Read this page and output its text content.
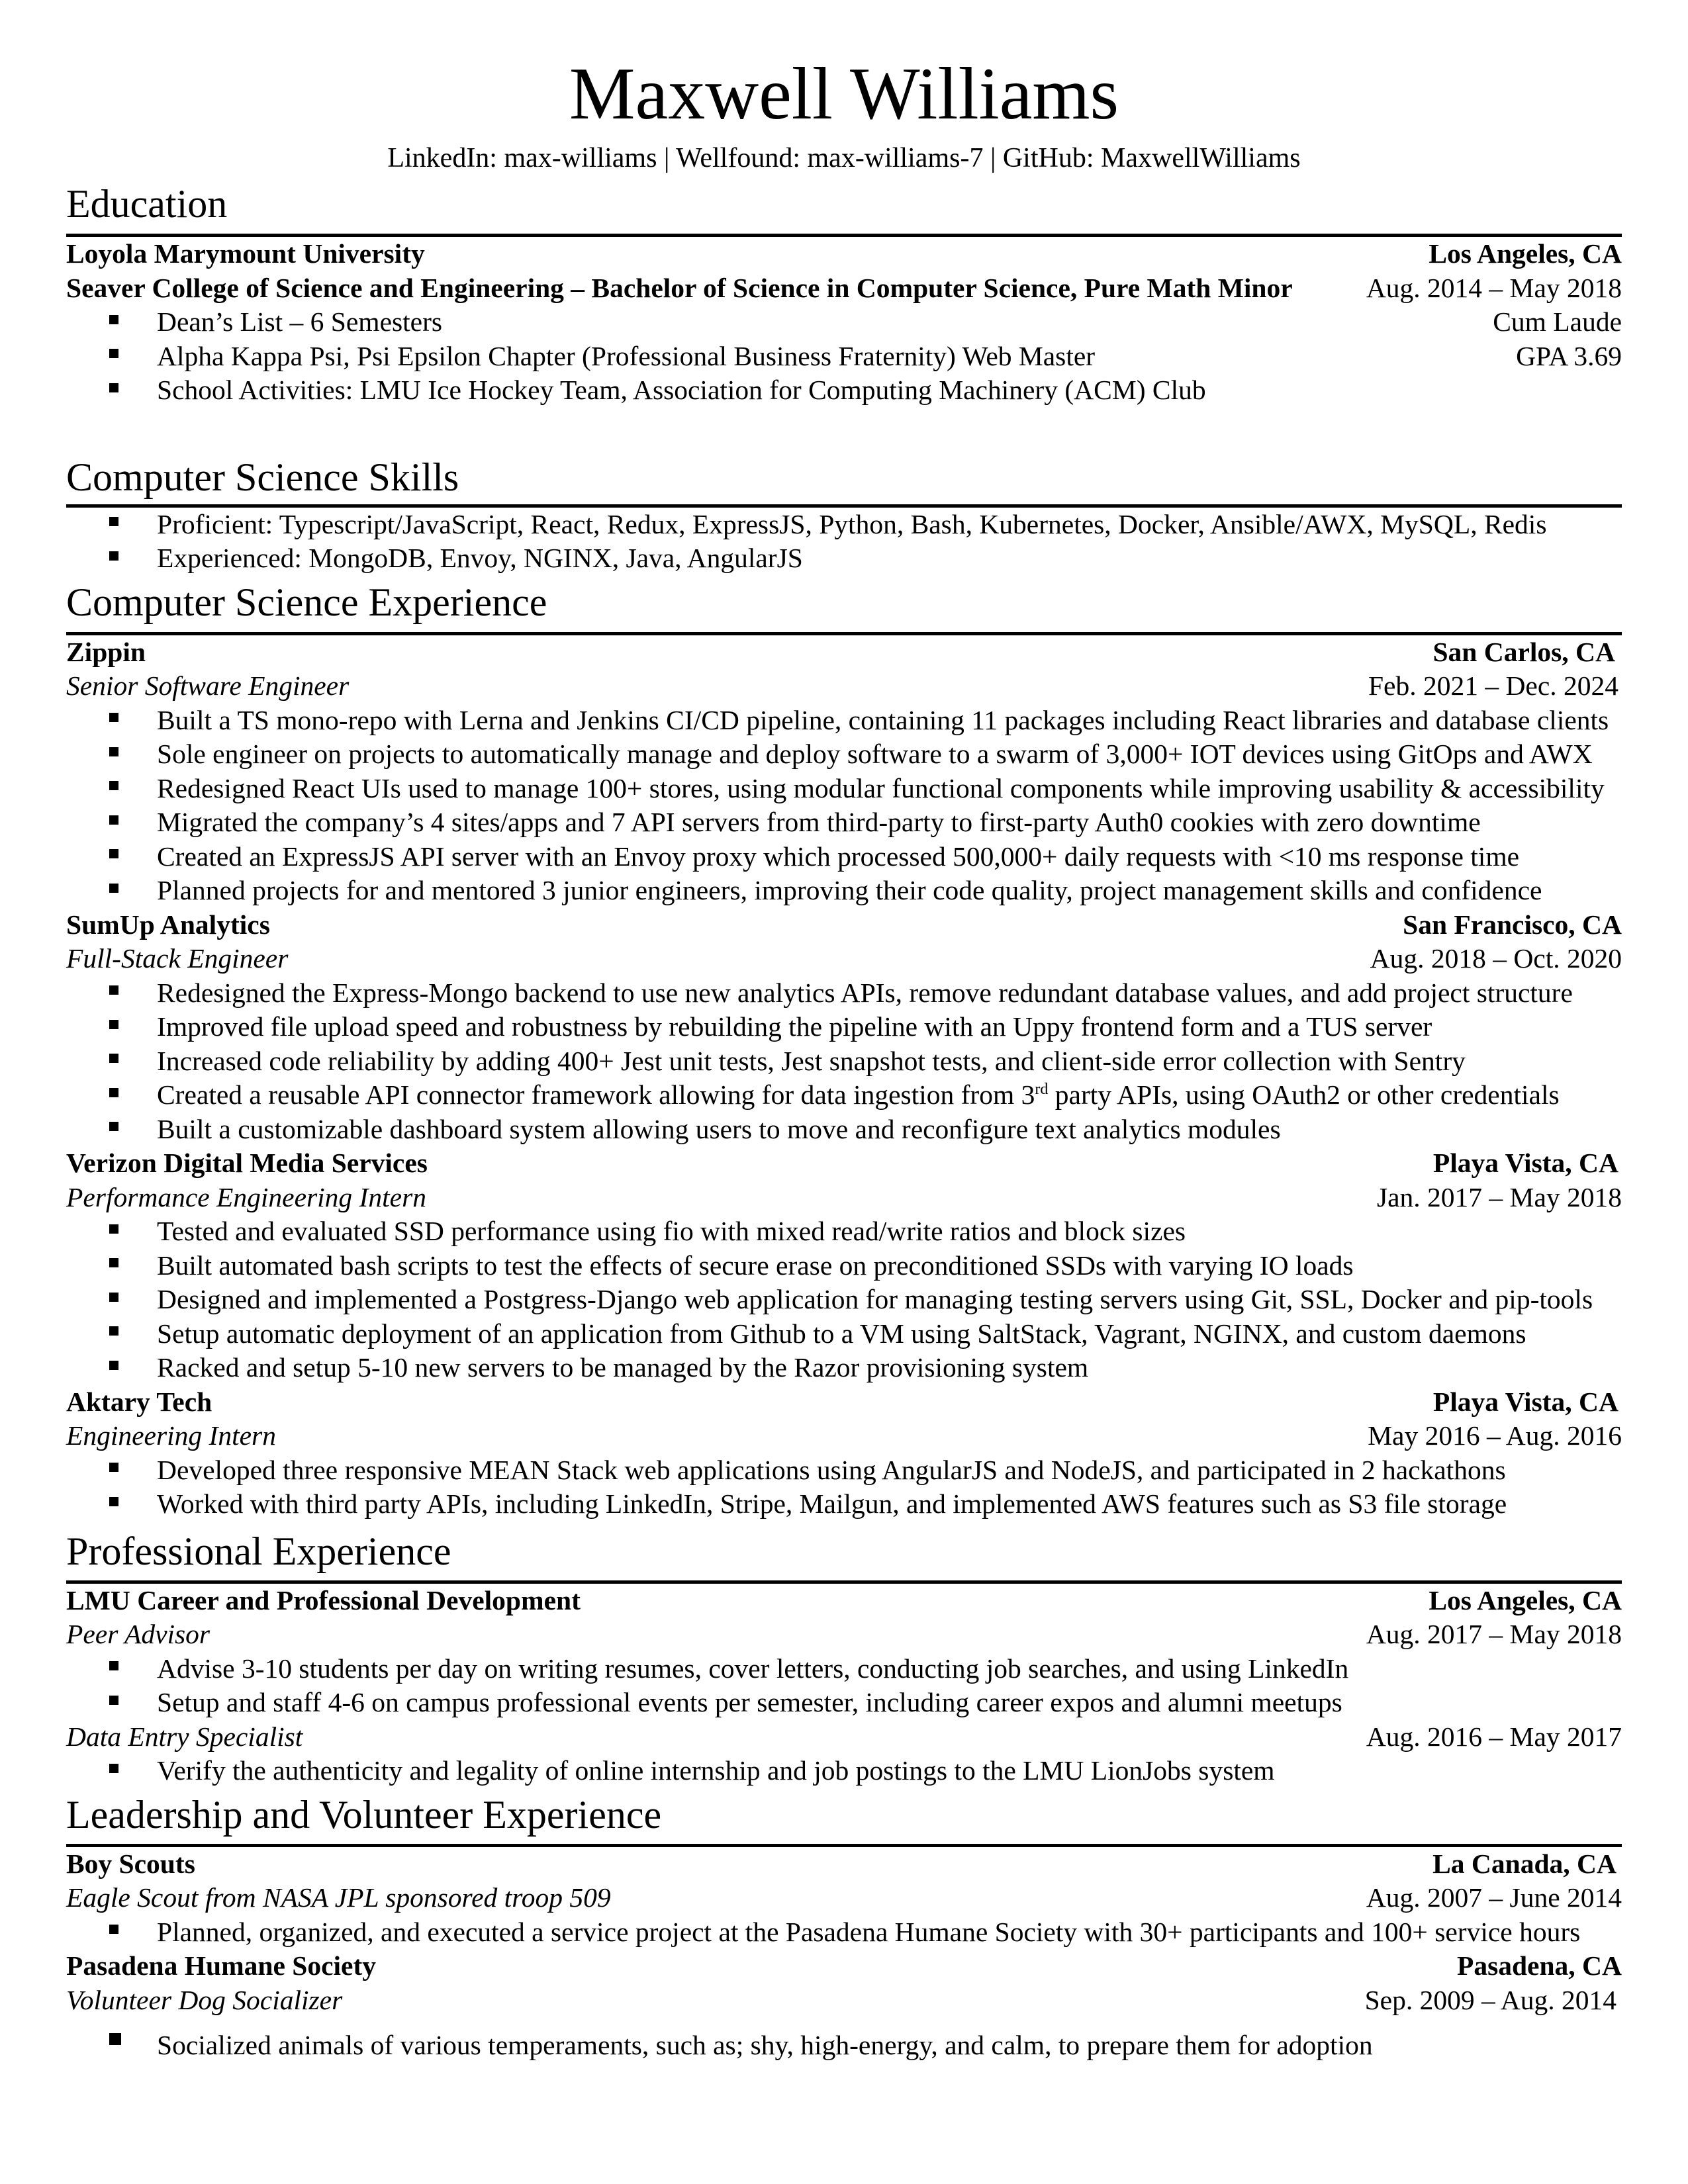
Maxwell Williams
LinkedIn: max-williams | Wellfound: max-williams-7 | GitHub: MaxwellWilliams
Education
Loyola Marymount University	Los Angeles, CA
Seaver College of Science and Engineering – Bachelor of Science in Computer Science, Pure Math Minor	Aug. 2014 – May 2018
Dean’s List – 6 Semesters	Cum Laude
Alpha Kappa Psi, Psi Epsilon Chapter (Professional Business Fraternity) Web Master	GPA 3.69
School Activities: LMU Ice Hockey Team, Association for Computing Machinery (ACM) Club
Computer Science Skills
Proficient: Typescript/JavaScript, React, Redux, ExpressJS, Python, Bash, Kubernetes, Docker, Ansible/AWX, MySQL, Redis
Experienced: MongoDB, Envoy, NGINX, Java, AngularJS
Computer Science Experience
Zippin	San Carlos, CA
Senior Software Engineer	Feb. 2021 – Dec. 2024
Built a TS mono-repo with Lerna and Jenkins CI/CD pipeline, containing 11 packages including React libraries and database clients
Sole engineer on projects to automatically manage and deploy software to a swarm of 3,000+ IOT devices using GitOps and AWX
Redesigned React UIs used to manage 100+ stores, using modular functional components while improving usability & accessibility
Migrated the company’s 4 sites/apps and 7 API servers from third-party to first-party Auth0 cookies with zero downtime
Created an ExpressJS API server with an Envoy proxy which processed 500,000+ daily requests with <10 ms response time
Planned projects for and mentored 3 junior engineers, improving their code quality, project management skills and confidence
SumUp Analytics	San Francisco, CA
Full-Stack Engineer	Aug. 2018 – Oct. 2020
Redesigned the Express-Mongo backend to use new analytics APIs, remove redundant database values, and add project structure
Improved file upload speed and robustness by rebuilding the pipeline with an Uppy frontend form and a TUS server
Increased code reliability by adding 400+ Jest unit tests, Jest snapshot tests, and client-side error collection with Sentry
Created a reusable API connector framework allowing for data ingestion from 3rd party APIs, using OAuth2 or other credentials
Built a customizable dashboard system allowing users to move and reconfigure text analytics modules
Verizon Digital Media Services	Playa Vista, CA
Performance Engineering Intern	Jan. 2017 – May 2018
Tested and evaluated SSD performance using fio with mixed read/write ratios and block sizes
Built automated bash scripts to test the effects of secure erase on preconditioned SSDs with varying IO loads
Designed and implemented a Postgress-Django web application for managing testing servers using Git, SSL, Docker and pip-tools
Setup automatic deployment of an application from Github to a VM using SaltStack, Vagrant, NGINX, and custom daemons
Racked and setup 5-10 new servers to be managed by the Razor provisioning system
Aktary Tech	Playa Vista, CA
Engineering Intern	May 2016 – Aug. 2016
Developed three responsive MEAN Stack web applications using AngularJS and NodeJS, and participated in 2 hackathons
Worked with third party APIs, including LinkedIn, Stripe, Mailgun, and implemented AWS features such as S3 file storage
Professional Experience
LMU Career and Professional Development	Los Angeles, CA
Peer Advisor	Aug. 2017 – May 2018
Advise 3-10 students per day on writing resumes, cover letters, conducting job searches, and using LinkedIn
Setup and staff 4-6 on campus professional events per semester, including career expos and alumni meetups
Data Entry Specialist	Aug. 2016 – May 2017
Verify the authenticity and legality of online internship and job postings to the LMU LionJobs system
Leadership and Volunteer Experience
Boy Scouts	La Canada, CA
Eagle Scout from NASA JPL sponsored troop 509	Aug. 2007 – June 2014
Planned, organized, and executed a service project at the Pasadena Humane Society with 30+ participants and 100+ service hours
Pasadena Humane Society	Pasadena, CA
Volunteer Dog Socializer	Sep. 2009 – Aug. 2014
Socialized animals of various temperaments, such as; shy, high-energy, and calm, to prepare them for adoption
